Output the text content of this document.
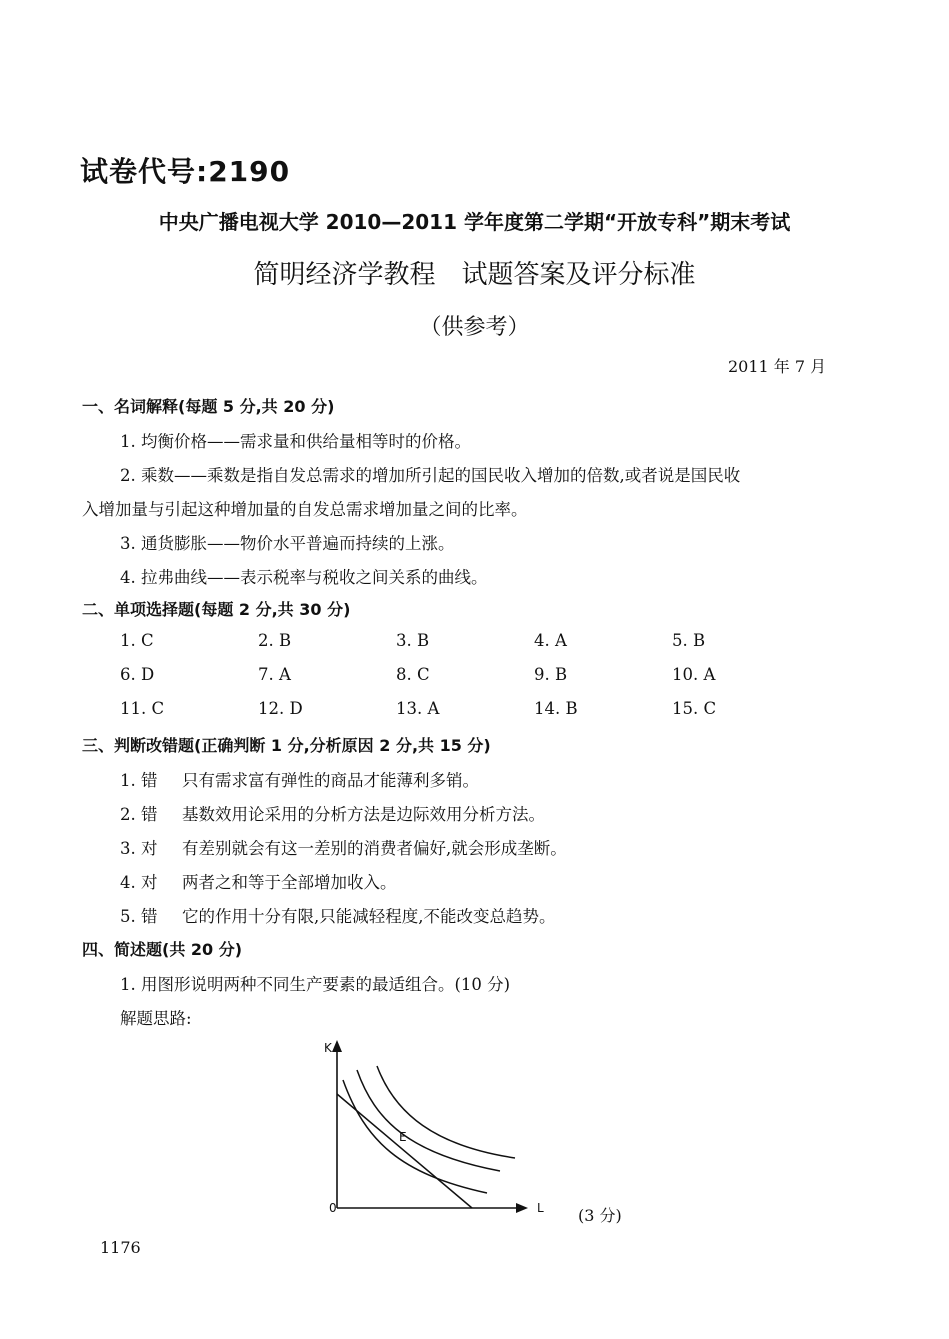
试卷代号:2190
中央广播电视大学 2010—2011 学年度第二学期“开放专科”期末考试
简明经济学教程　试题答案及评分标准
（供参考）
2011 年 7 月
一、名词解释(每题 5 分,共 20 分)
1. 均衡价格——需求量和供给量相等时的价格。
2. 乘数——乘数是指自发总需求的增加所引起的国民收入增加的倍数,或者说是国民收
入增加量与引起这种增加量的自发总需求增加量之间的比率。
3. 通货膨胀——物价水平普遍而持续的上涨。
4. 拉弗曲线——表示税率与税收之间关系的曲线。
二、单项选择题(每题 2 分,共 30 分)
1. C	2. B	3. B	4. A	5. B
6. D	7. A	8. C	9. B	10. A
11. C	12. D	13. A	14. B	15. C
三、判断改错题(正确判断 1 分,分析原因 2 分,共 15 分)
1. 错 只有需求富有弹性的商品才能薄利多销。
2. 错 基数效用论采用的分析方法是边际效用分析方法。
3. 对 有差别就会有这一差别的消费者偏好,就会形成垄断。
4. 对 两者之和等于全部增加收入。
5. 错 它的作用十分有限,只能减轻程度,不能改变总趋势。
四、简述题(共 20 分)
1. 用图形说明两种不同生产要素的最适组合。(10 分)
解题思路:
K
0
E
L (3 分)
1176
